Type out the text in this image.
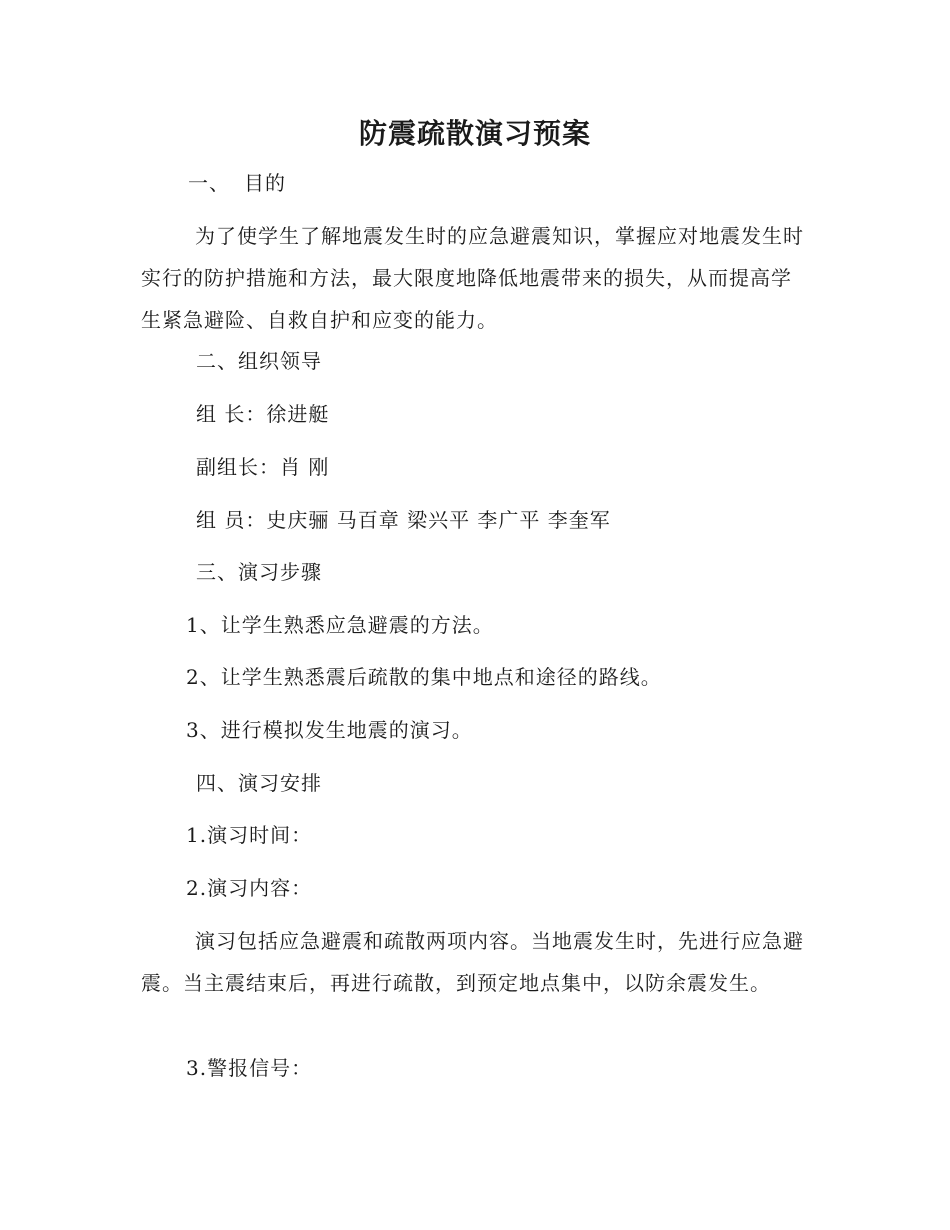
防震疏散演习预案
一、 目的
为了使学生了解地震发生时的应急避震知识，掌握应对地震发生时实行的防护措施和方法，最大限度地降低地震带来的损失，从而提高学生紧急避险、自救自护和应变的能力。
二、组织领导
组 长：徐进艇
副组长：肖 刚
组 员：史庆骊 马百章 梁兴平 李广平 李奎军
三、演习步骤
1、让学生熟悉应急避震的方法。
2、让学生熟悉震后疏散的集中地点和途径的路线。
3、进行模拟发生地震的演习。
四、演习安排
1.演习时间：
2.演习内容：
演习包括应急避震和疏散两项内容。当地震发生时，先进行应急避震。当主震结束后，再进行疏散，到预定地点集中，以防余震发生。
3.警报信号：
